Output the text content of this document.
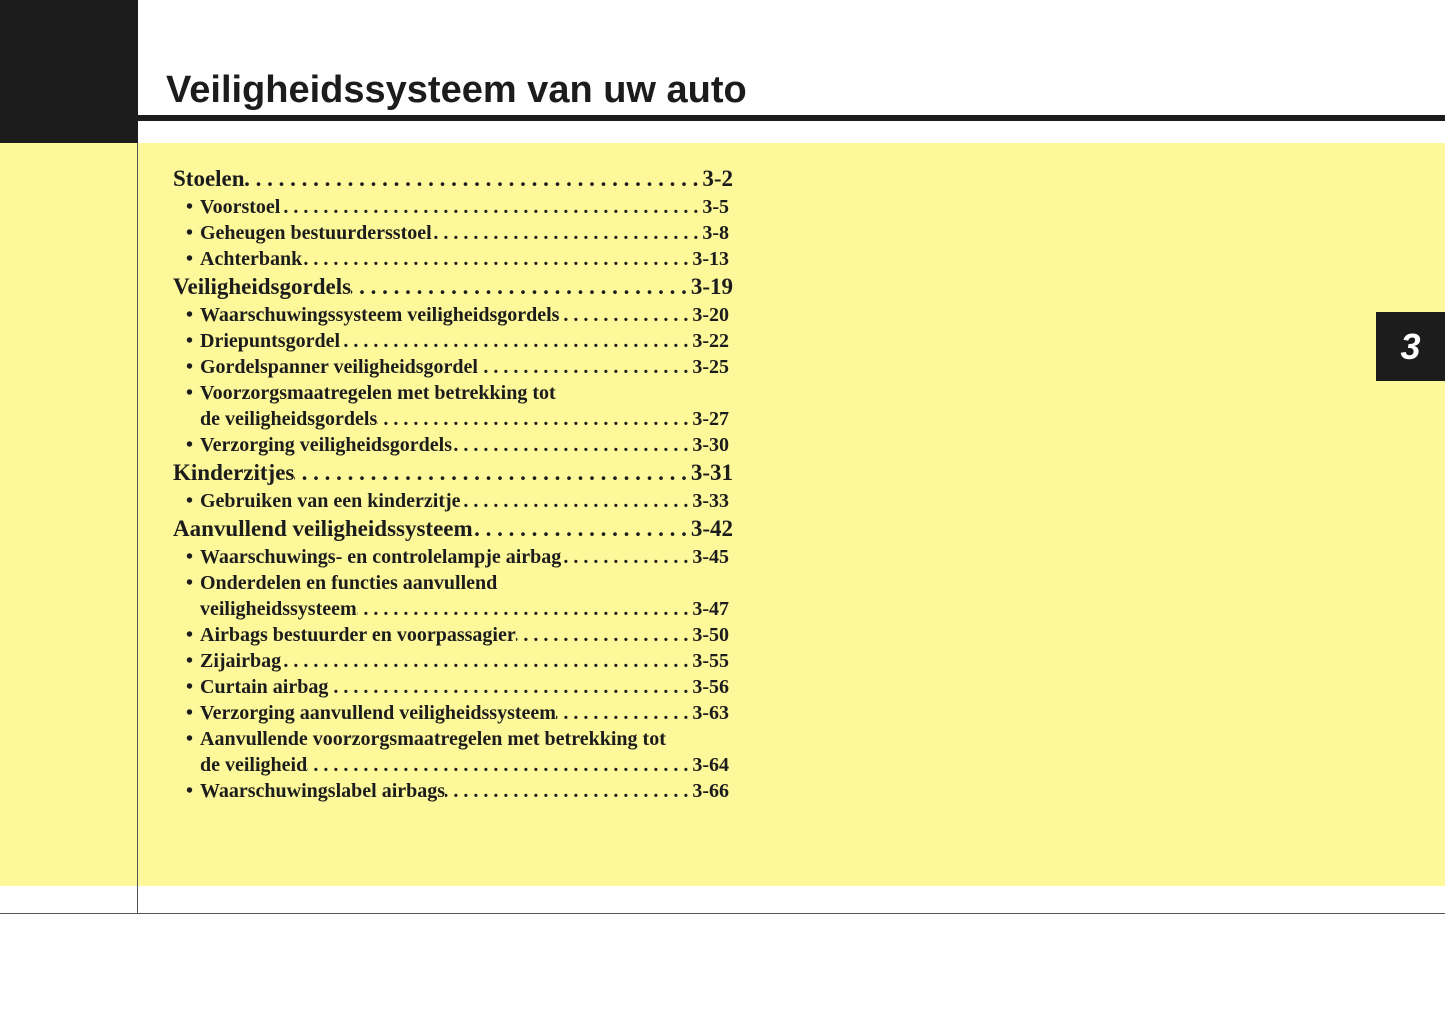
Veiligheidssysteem van uw auto
3
Stoelen . . .	3-2
• Voorstoel . . .	3-5
• Geheugen bestuurdersstoel . . .	3-8
• Achterbank . . .	3-13
Veiligheidsgordels . . .	3-19
• Waarschuwingssysteem veiligheidsgordels . . .	3-20
• Driepuntsgordel . . .	3-22
• Gordelspanner veiligheidsgordel . . .	3-25
• Voorzorgsmaatregelen met betrekking tot
de veiligheidsgordels . . .	3-27
• Verzorging veiligheidsgordels . . .	3-30
Kinderzitjes . . .	3-31
• Gebruiken van een kinderzitje . . .	3-33
Aanvullend veiligheidssysteem . . .	3-42
• Waarschuwings- en controlelampje airbag . . .	3-45
• Onderdelen en functies aanvullend
veiligheidssysteem . . .	3-47
• Airbags bestuurder en voorpassagier . . .	3-50
• Zijairbag . . .	3-55
• Curtain airbag . . .	3-56
• Verzorging aanvullend veiligheidssysteem . . .	3-63
• Aanvullende voorzorgsmaatregelen met betrekking tot
de veiligheid . . .	3-64
• Waarschuwingslabel airbags . . .	3-66
